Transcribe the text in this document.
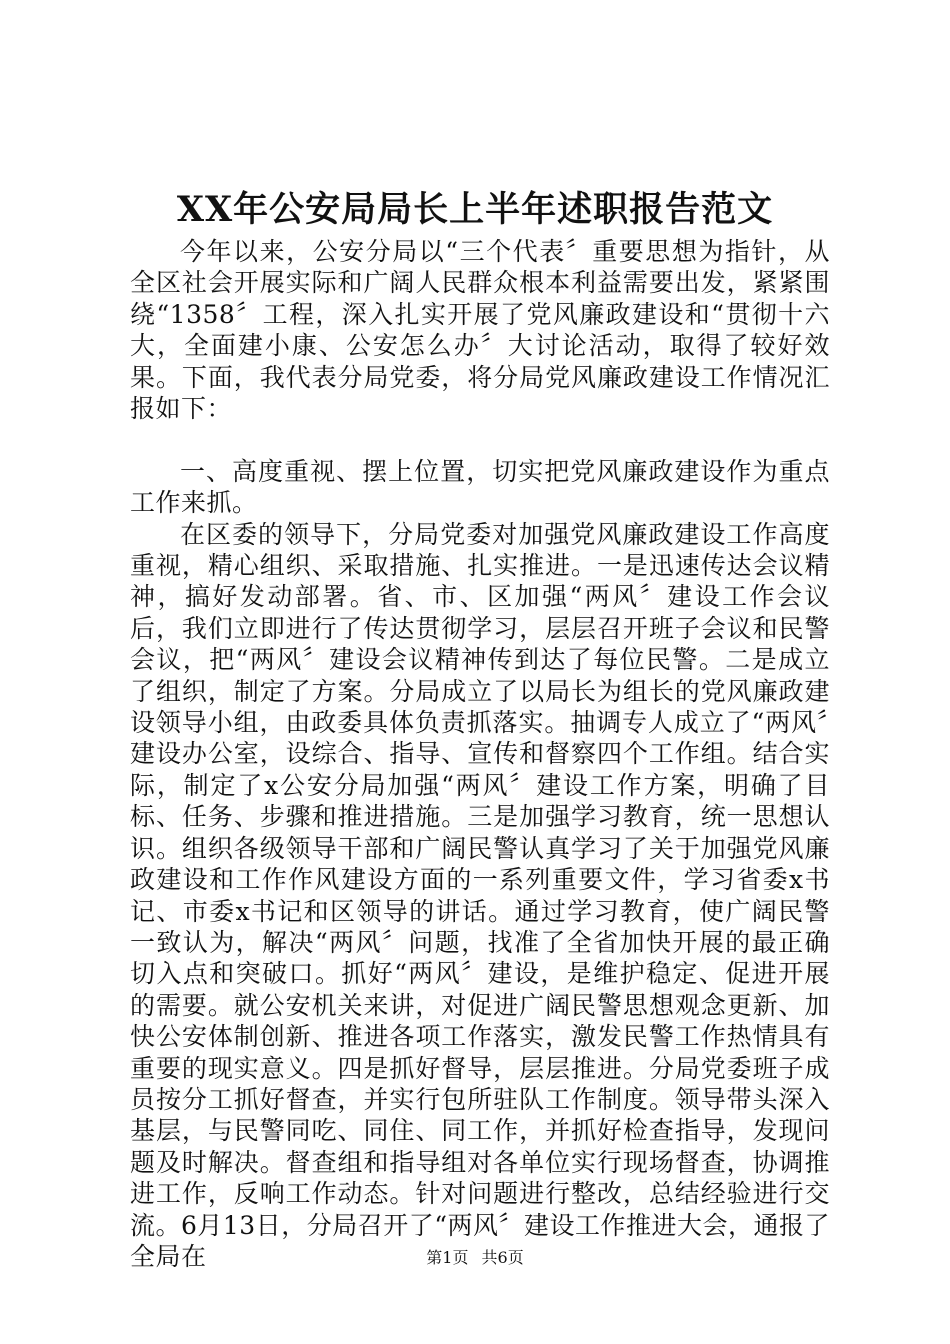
XX年公安局局长上半年述职报告范文

今年以来，公安分局以“三个代表〞重要思想为指针，从全区社会开展实际和广阔人民群众根本利益需要出发，紧紧围绕“1358〞工程，深入扎实开展了党风廉政建设和“贯彻十六大，全面建小康、公安怎么办〞大讨论活动，取得了较好效果。下面，我代表分局党委，将分局党风廉政建设工作情况汇报如下：

一、高度重视、摆上位置，切实把党风廉政建设作为重点工作来抓。

在区委的领导下，分局党委对加强党风廉政建设工作高度重视，精心组织、采取措施、扎实推进。一是迅速传达会议精神，搞好发动部署。省、市、区加强“两风〞建设工作会议后，我们立即进行了传达贯彻学习，层层召开班子会议和民警会议，把“两风〞建设会议精神传到达了每位民警。二是成立了组织，制定了方案。分局成立了以局长为组长的党风廉政建设领导小组，由政委具体负责抓落实。抽调专人成立了“两风〞建设办公室，设综合、指导、宣传和督察四个工作组。结合实际，制定了x公安分局加强“两风〞建设工作方案，明确了目标、任务、步骤和推进措施。三是加强学习教育，统一思想认识。组织各级领导干部和广阔民警认真学习了关于加强党风廉政建设和工作作风建设方面的一系列重要文件，学习省委x书记、市委x书记和区领导的讲话。通过学习教育，使广阔民警一致认为，解决“两风〞问题，找准了全省加快开展的最正确切入点和突破口。抓好“两风〞建设，是维护稳定、促进开展的需要。就公安机关来讲，对促进广阔民警思想观念更新、加快公安体制创新、推进各项工作落实，激发民警工作热情具有重要的现实意义。四是抓好督导，层层推进。分局党委班子成员按分工抓好督查，并实行包所驻队工作制度。领导带头深入基层，与民警同吃、同住、同工作，并抓好检查指导，发现问题及时解决。督查组和指导组对各单位实行现场督查，协调推进工作，反响工作动态。针对问题进行整改，总结经验进行交流。6月13日，分局召开了“两风〞建设工作推进大会，通报了全局在	第1页 共6页
